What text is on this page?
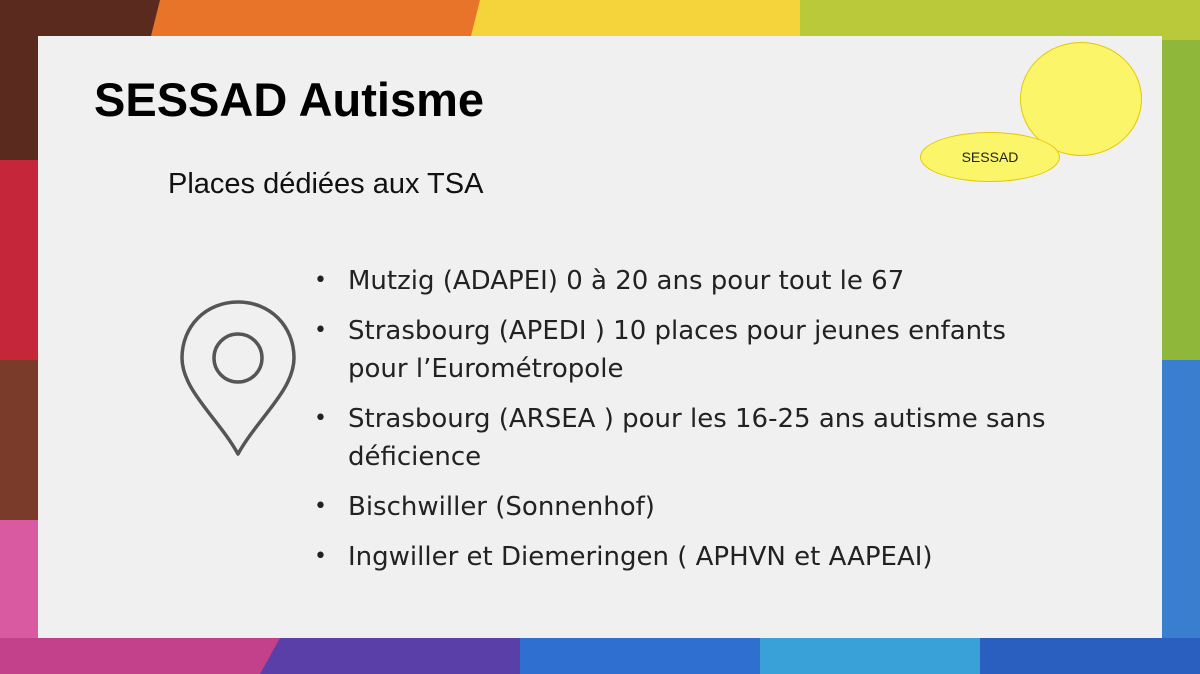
SESSAD Autisme
SESSAD
Places dédiées aux TSA
• Mutzig (ADAPEI) 0 à 20 ans pour tout le 67
• Strasbourg (APEDI ) 10 places pour jeunes enfants pour l’Eurométropole
• Strasbourg (ARSEA ) pour les 16-25 ans autisme sans déficience
• Bischwiller (Sonnenhof)
• Ingwiller et Diemeringen ( APHVN et AAPEAI)
